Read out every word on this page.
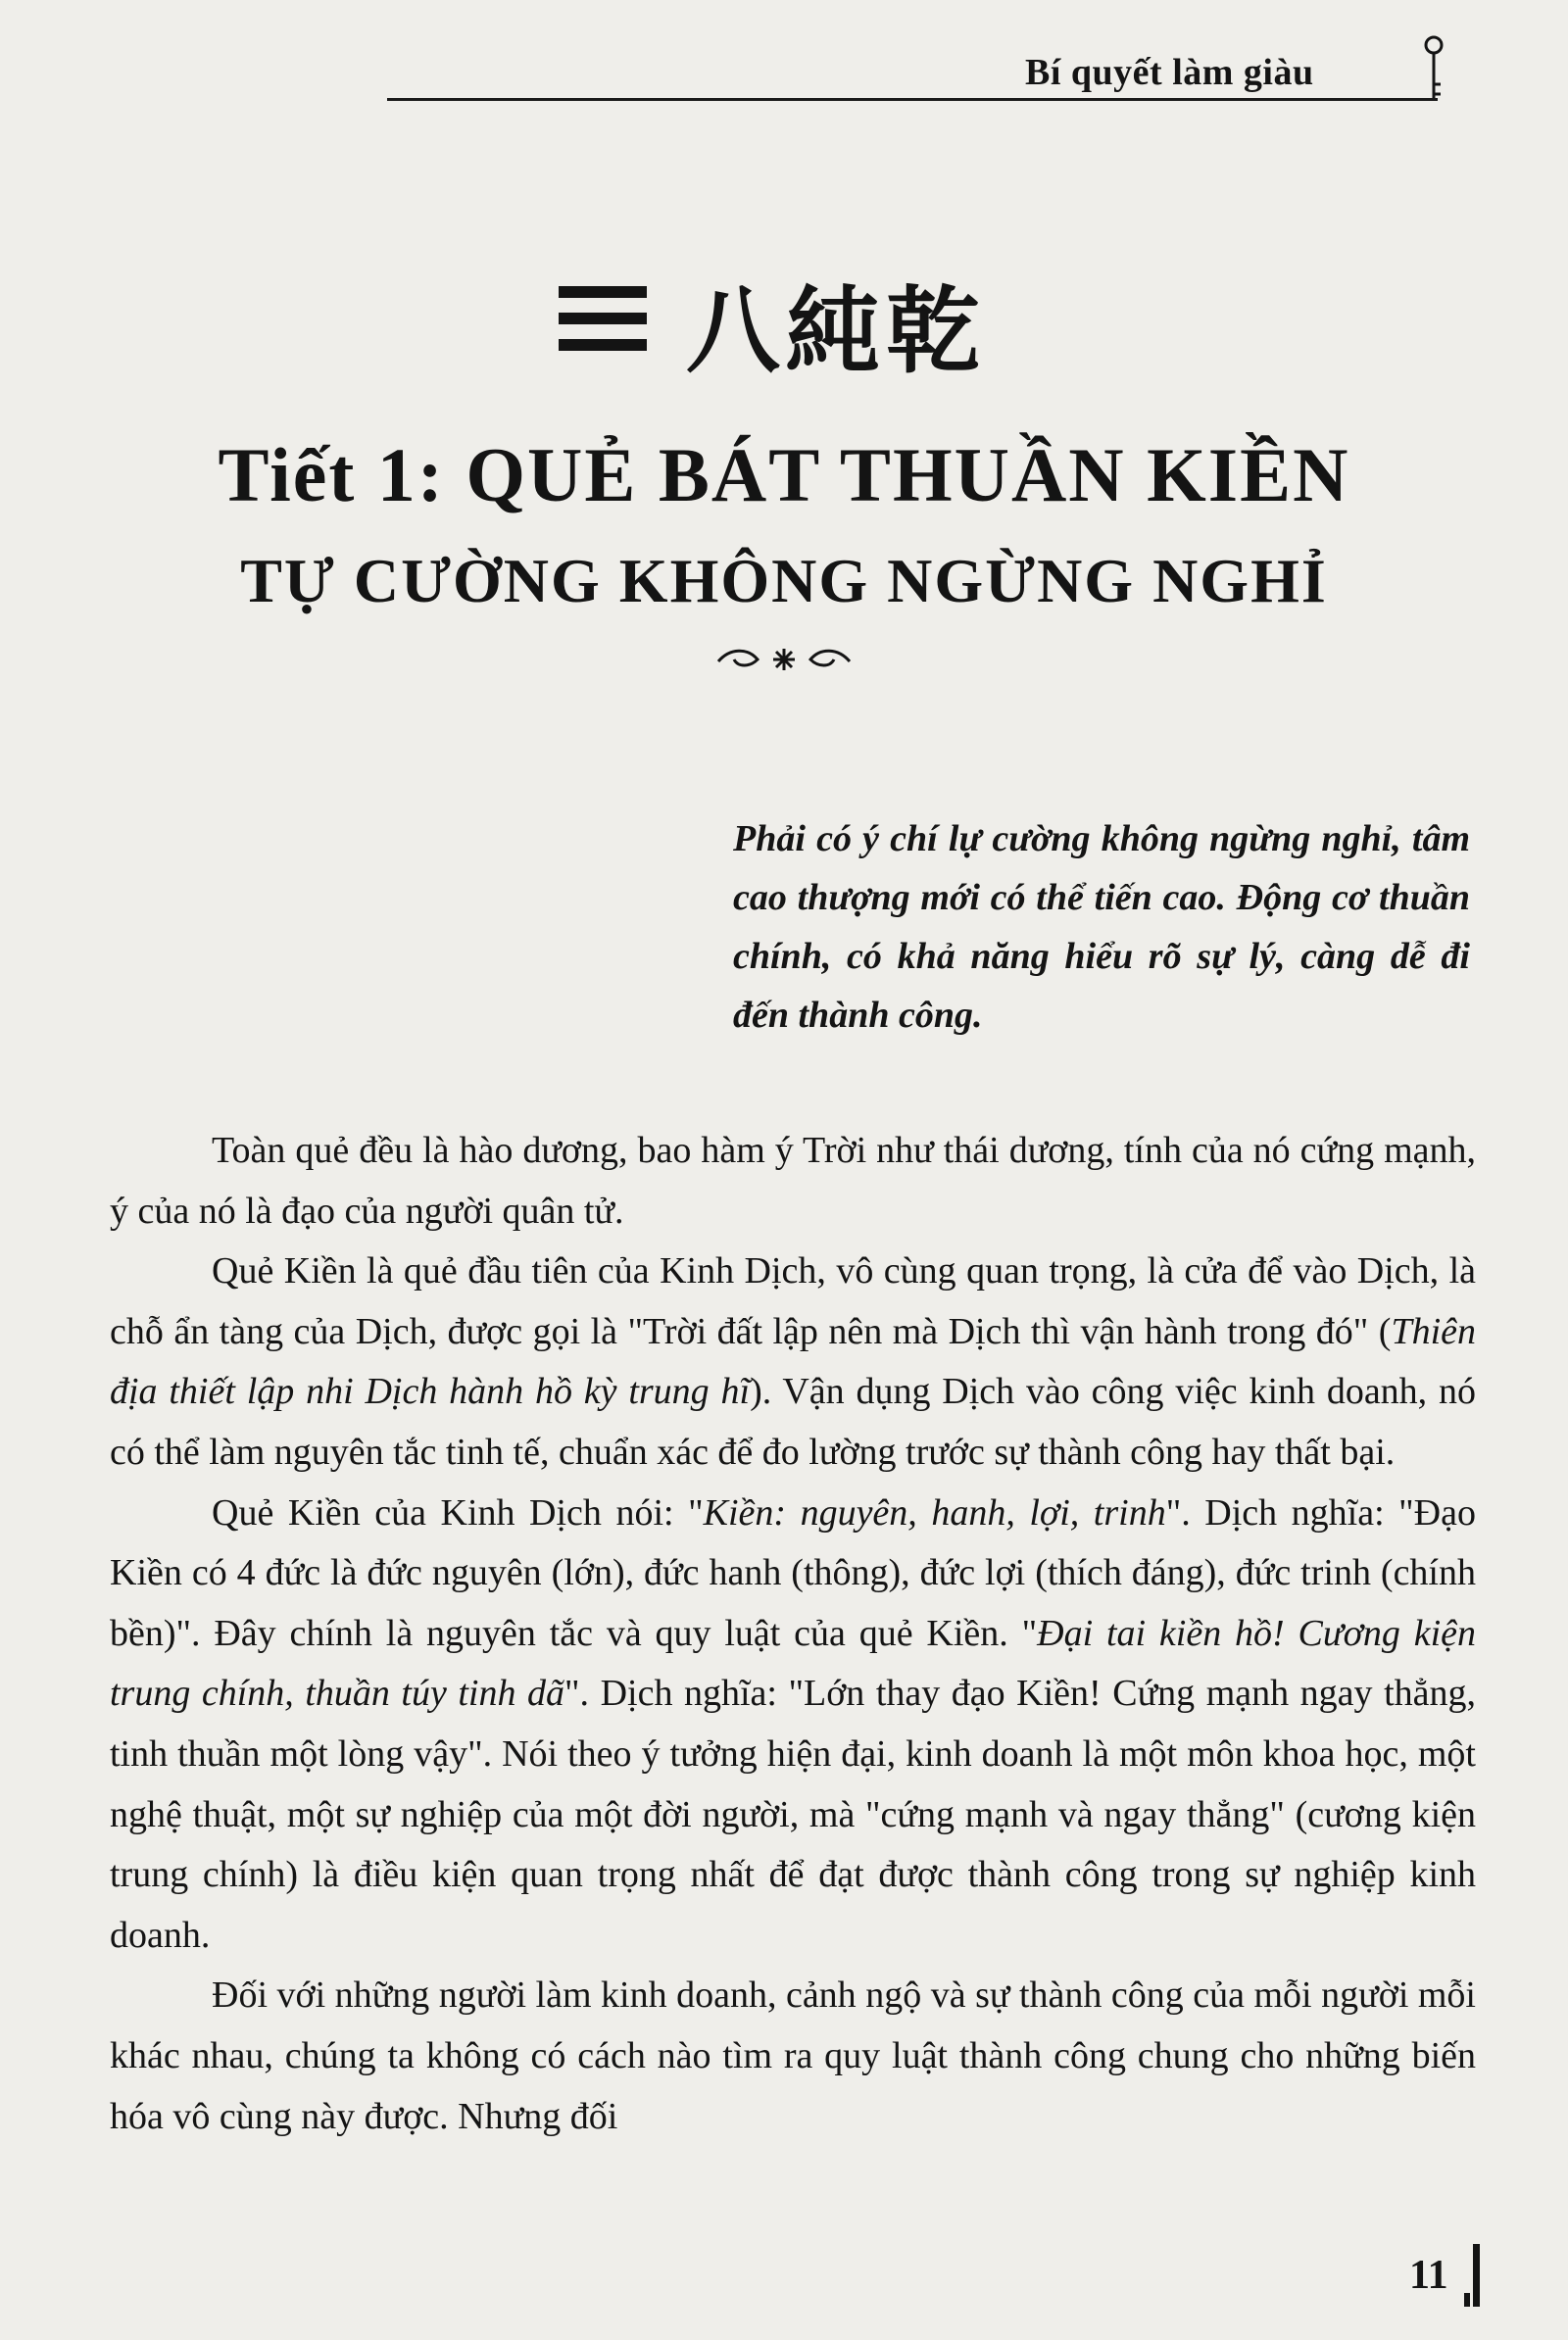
Bí quyết làm giàu
八純乾
Tiết 1: QUẺ BÁT THUẦN KIỀN
TỰ CƯỜNG KHÔNG NGỪNG NGHỈ
Phải có ý chí lự cường không ngừng nghỉ, tâm cao thượng mới có thể tiến cao. Động cơ thuần chính, có khả năng hiểu rõ sự lý, càng dễ đi đến thành công.

Toàn quẻ đều là hào dương, bao hàm ý Trời như thái dương, tính của nó cứng mạnh, ý của nó là đạo của người quân tử.

Quẻ Kiền là quẻ đầu tiên của Kinh Dịch, vô cùng quan trọng, là cửa để vào Dịch, là chỗ ẩn tàng của Dịch, được gọi là "Trời đất lập nên mà Dịch thì vận hành trong đó" (Thiên địa thiết lập nhi Dịch hành hồ kỳ trung hĩ). Vận dụng Dịch vào công việc kinh doanh, nó có thể làm nguyên tắc tinh tế, chuẩn xác để đo lường trước sự thành công hay thất bại.

Quẻ Kiền của Kinh Dịch nói: "Kiền: nguyên, hanh, lợi, trinh". Dịch nghĩa: "Đạo Kiền có 4 đức là đức nguyên (lớn), đức hanh (thông), đức lợi (thích đáng), đức trinh (chính bền)". Đây chính là nguyên tắc và quy luật của quẻ Kiền. "Đại tai kiền hồ! Cương kiện trung chính, thuần túy tinh dã". Dịch nghĩa: "Lớn thay đạo Kiền! Cứng mạnh ngay thẳng, tinh thuần một lòng vậy". Nói theo ý tưởng hiện đại, kinh doanh là một môn khoa học, một nghệ thuật, một sự nghiệp của một đời người, mà "cứng mạnh và ngay thẳng" (cương kiện trung chính) là điều kiện quan trọng nhất để đạt được thành công trong sự nghiệp kinh doanh.

Đối với những người làm kinh doanh, cảnh ngộ và sự thành công của mỗi người mỗi khác nhau, chúng ta không có cách nào tìm ra quy luật thành công chung cho những biến hóa vô cùng này được. Nhưng đối

11
